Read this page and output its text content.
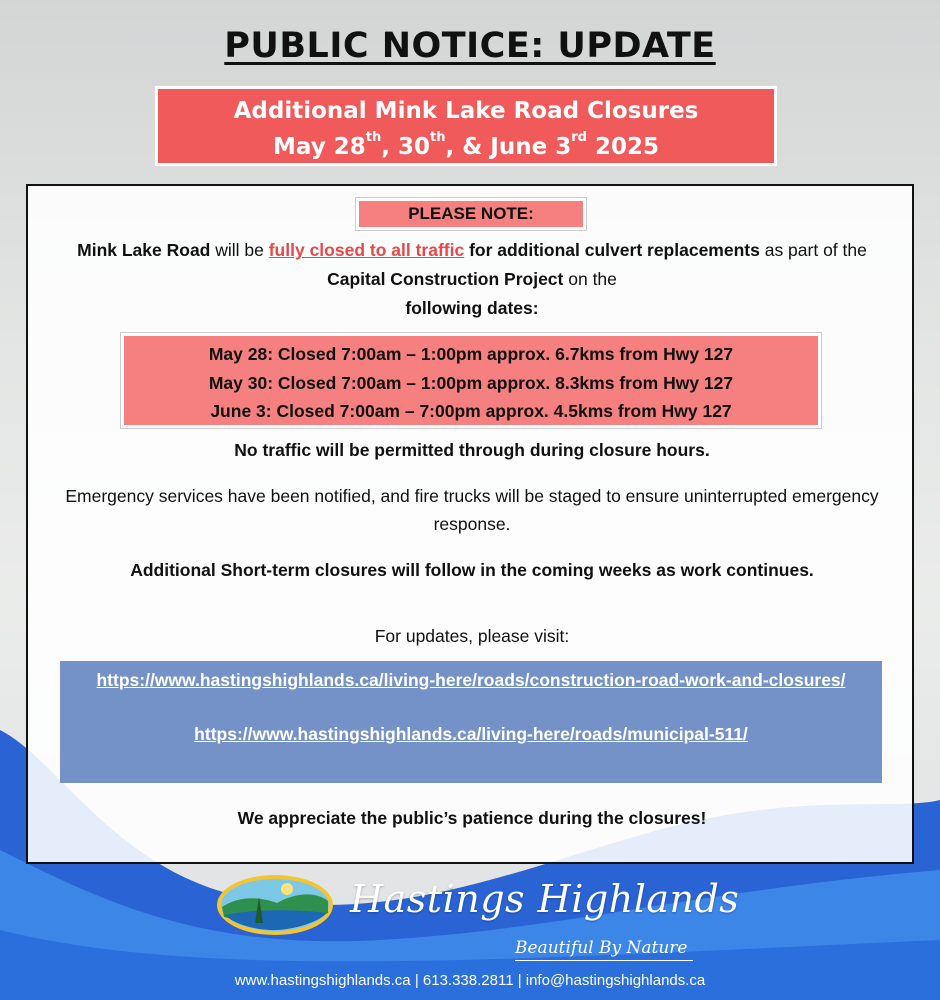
PUBLIC NOTICE: UPDATE
Additional Mink Lake Road Closures
May 28th, 30th, & June 3rd 2025
PLEASE NOTE:
Mink Lake Road will be fully closed to all traffic for additional culvert replacements as part of the Capital Construction Project on the
following dates:
May 28: Closed 7:00am – 1:00pm approx. 6.7kms from Hwy 127
May 30: Closed 7:00am – 1:00pm approx. 8.3kms from Hwy 127
June 3: Closed 7:00am – 7:00pm approx. 4.5kms from Hwy 127
No traffic will be permitted through during closure hours.
Emergency services have been notified, and fire trucks will be staged to ensure uninterrupted emergency response.
Additional Short-term closures will follow in the coming weeks as work continues.
For updates, please visit:
https://www.hastingshighlands.ca/living-here/roads/construction-road-work-and-closures/
https://www.hastingshighlands.ca/living-here/roads/municipal-511/
We appreciate the public’s patience during the closures!
Hastings Highlands
Beautiful By Nature
www.hastingshighlands.ca | 613.338.2811 | info@hastingshighlands.ca
